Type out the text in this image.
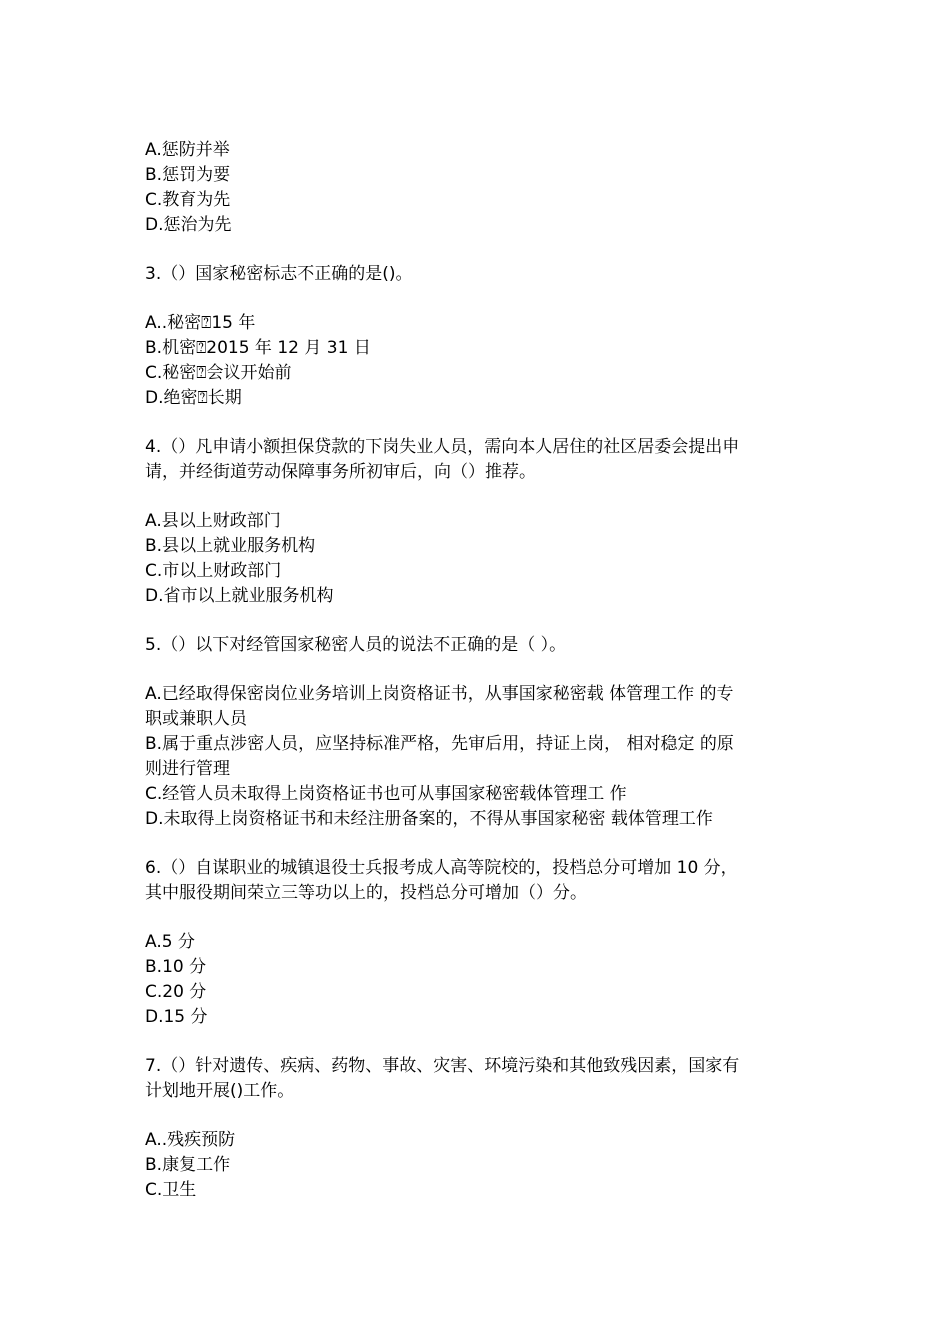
A.惩防并举
B.惩罚为要
C.教育为先
D.惩治为先
3.（）国家秘密标志不正确的是()。
A..秘密⍰15 年
B.机密⍰2015 年 12 月 31 日
C.秘密⍰会议开始前
D.绝密⍰长期
4.（）凡申请小额担保贷款的下岗失业人员，需向本人居住的社区居委会提出申
请，并经街道劳动保障事务所初审后，向（）推荐。
A.县以上财政部门
B.县以上就业服务机构
C.市以上财政部门
D.省市以上就业服务机构
5.（）以下对经管国家秘密人员的说法不正确的是（ ）。
A.已经取得保密岗位业务培训上岗资格证书，从事国家秘密载 体管理工作 的专
职或兼职人员
B.属于重点涉密人员，应坚持标准严格，先审后用，持证上岗， 相对稳定 的原
则进行管理
C.经管人员未取得上岗资格证书也可从事国家秘密载体管理工 作
D.未取得上岗资格证书和未经注册备案的，不得从事国家秘密 载体管理工作
6.（）自谋职业的城镇退役士兵报考成人高等院校的，投档总分可增加 10 分，
其中服役期间荣立三等功以上的，投档总分可增加（）分。
A.5 分
B.10 分
C.20 分
D.15 分
7.（）针对遗传、疾病、药物、事故、灾害、环境污染和其他致残因素，国家有
计划地开展()工作。
A..残疾预防
B.康复工作
C.卫生
